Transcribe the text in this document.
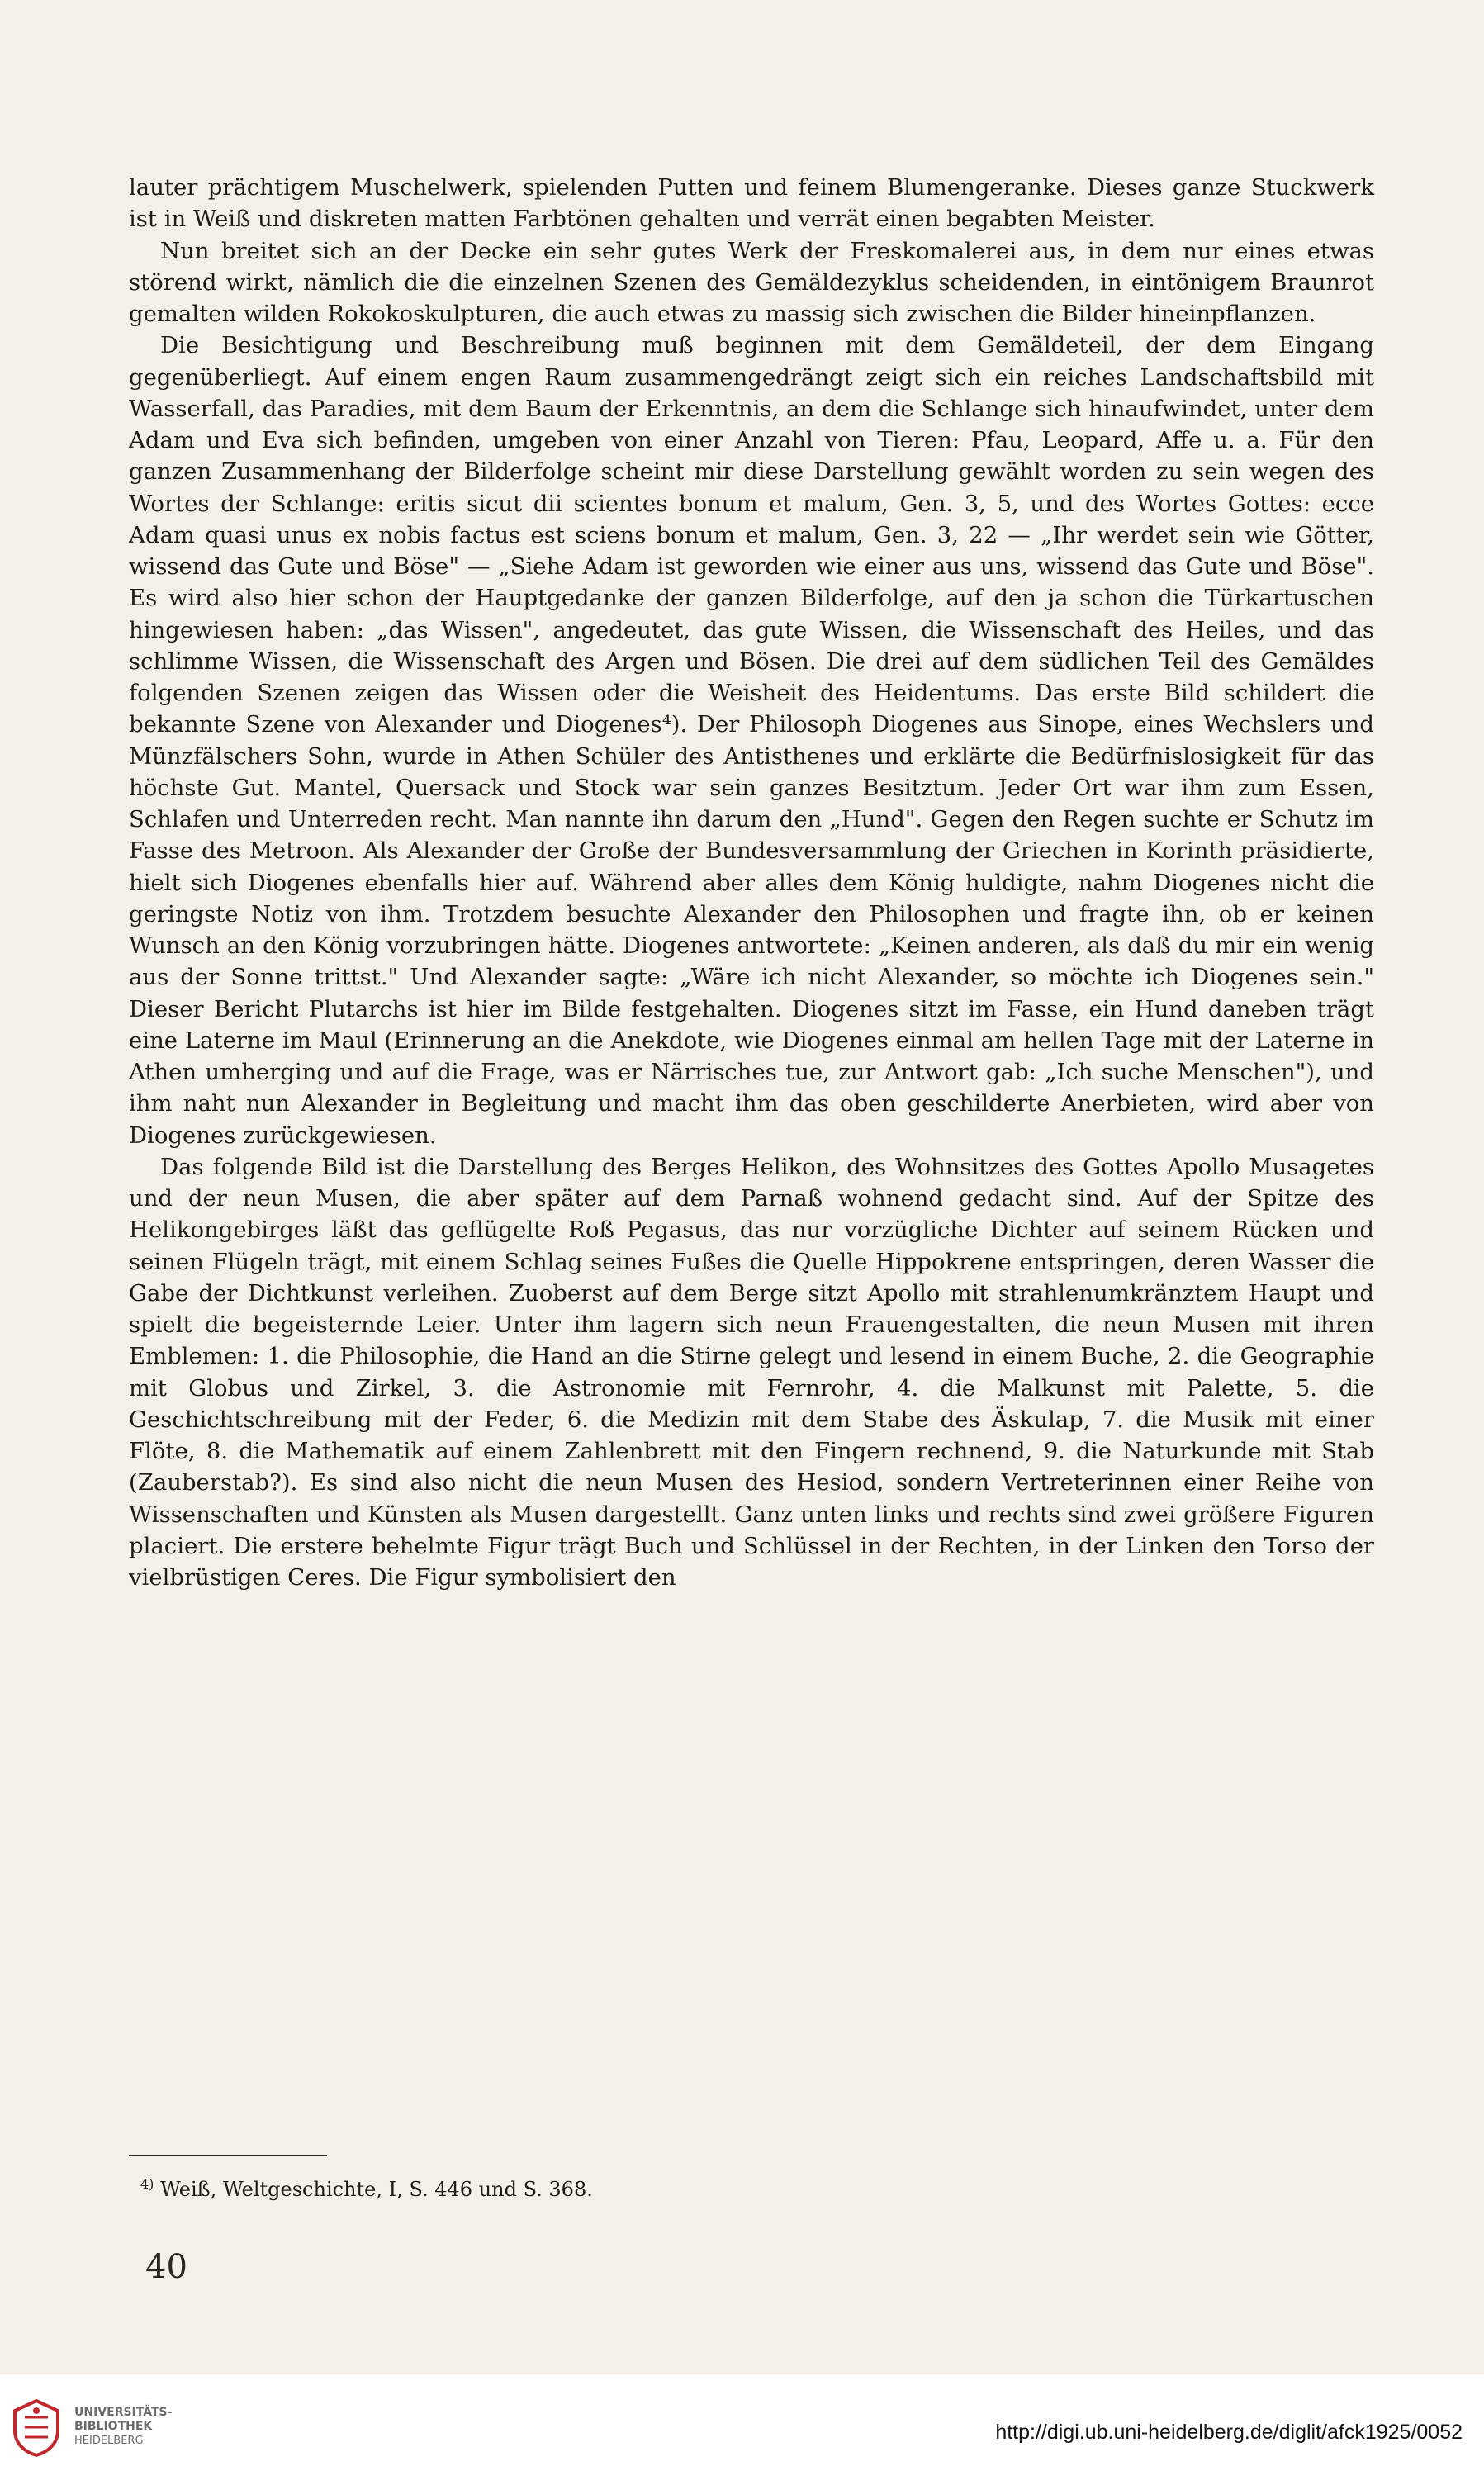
lauter prächtigem Muschelwerk, spielenden Putten und feinem Blumengeranke. Dieses ganze Stuckwerk ist in Weiß und diskreten matten Farbtönen gehalten und verrät einen begabten Meister.

Nun breitet sich an der Decke ein sehr gutes Werk der Freskomalerei aus, in dem nur eines etwas störend wirkt, nämlich die die einzelnen Szenen des Gemäldezyklus scheidenden, in eintönigem Braunrot gemalten wilden Rokokoskulpturen, die auch etwas zu massig sich zwischen die Bilder hineinpflanzen.

Die Besichtigung und Beschreibung muß beginnen mit dem Gemäldeteil, der dem Eingang gegenüberliegt. Auf einem engen Raum zusammengedrängt zeigt sich ein reiches Landschaftsbild mit Wasserfall, das Paradies, mit dem Baum der Erkenntnis, an dem die Schlange sich hinaufwindet, unter dem Adam und Eva sich befinden, umgeben von einer Anzahl von Tieren: Pfau, Leopard, Affe u. a. Für den ganzen Zusammenhang der Bilderfolge scheint mir diese Darstellung gewählt worden zu sein wegen des Wortes der Schlange: eritis sicut dii scientes bonum et malum, Gen. 3, 5, und des Wortes Gottes: ecce Adam quasi unus ex nobis factus est sciens bonum et malum, Gen. 3, 22 — „Ihr werdet sein wie Götter, wissend das Gute und Böse" — „Siehe Adam ist geworden wie einer aus uns, wissend das Gute und Böse". Es wird also hier schon der Hauptgedanke der ganzen Bilderfolge, auf den ja schon die Türkartuschen hingewiesen haben: „das Wissen", angedeutet, das gute Wissen, die Wissenschaft des Heiles, und das schlimme Wissen, die Wissenschaft des Argen und Bösen. Die drei auf dem südlichen Teil des Gemäldes folgenden Szenen zeigen das Wissen oder die Weisheit des Heidentums. Das erste Bild schildert die bekannte Szene von Alexander und Diogenes⁴). Der Philosoph Diogenes aus Sinope, eines Wechslers und Münzfälschers Sohn, wurde in Athen Schüler des Antisthenes und erklärte die Bedürfnislosigkeit für das höchste Gut. Mantel, Quersack und Stock war sein ganzes Besitztum. Jeder Ort war ihm zum Essen, Schlafen und Unterreden recht. Man nannte ihn darum den „Hund". Gegen den Regen suchte er Schutz im Fasse des Metroon. Als Alexander der Große der Bundesversammlung der Griechen in Korinth präsidierte, hielt sich Diogenes ebenfalls hier auf. Während aber alles dem König huldigte, nahm Diogenes nicht die geringste Notiz von ihm. Trotzdem besuchte Alexander den Philosophen und fragte ihn, ob er keinen Wunsch an den König vorzubringen hätte. Diogenes antwortete: „Keinen anderen, als daß du mir ein wenig aus der Sonne trittst." Und Alexander sagte: „Wäre ich nicht Alexander, so möchte ich Diogenes sein." Dieser Bericht Plutarchs ist hier im Bilde festgehalten. Diogenes sitzt im Fasse, ein Hund daneben trägt eine Laterne im Maul (Erinnerung an die Anekdote, wie Diogenes einmal am hellen Tage mit der Laterne in Athen umherging und auf die Frage, was er Närrisches tue, zur Antwort gab: „Ich suche Menschen"), und ihm naht nun Alexander in Begleitung und macht ihm das oben geschilderte Anerbieten, wird aber von Diogenes zurückgewiesen.

Das folgende Bild ist die Darstellung des Berges Helikon, des Wohnsitzes des Gottes Apollo Musagetes und der neun Musen, die aber später auf dem Parnaß wohnend gedacht sind. Auf der Spitze des Helikongebirges läßt das geflügelte Roß Pegasus, das nur vorzügliche Dichter auf seinem Rücken und seinen Flügeln trägt, mit einem Schlag seines Fußes die Quelle Hippokrene entspringen, deren Wasser die Gabe der Dichtkunst verleihen. Zuoberst auf dem Berge sitzt Apollo mit strahlenumkränztem Haupt und spielt die begeisternde Leier. Unter ihm lagern sich neun Frauengestalten, die neun Musen mit ihren Emblemen: 1. die Philosophie, die Hand an die Stirne gelegt und lesend in einem Buche, 2. die Geographie mit Globus und Zirkel, 3. die Astronomie mit Fernrohr, 4. die Malkunst mit Palette, 5. die Geschichtschreibung mit der Feder, 6. die Medizin mit dem Stabe des Äskulap, 7. die Musik mit einer Flöte, 8. die Mathematik auf einem Zahlenbrett mit den Fingern rechnend, 9. die Naturkunde mit Stab (Zauberstab?). Es sind also nicht die neun Musen des Hesiod, sondern Vertreterinnen einer Reihe von Wissenschaften und Künsten als Musen dargestellt. Ganz unten links und rechts sind zwei größere Figuren placiert. Die erstere behelmte Figur trägt Buch und Schlüssel in der Rechten, in der Linken den Torso der vielbrüstigen Ceres. Die Figur symbolisiert den

$^{4)}$ Weiß, Weltgeschichte, I, S. 446 und S. 368.
40
UNIVERSITÄTS-
BIBLIOTHEK
HEIDELBERG	http://digi.ub.uni-heidelberg.de/diglit/afck1925/0052
